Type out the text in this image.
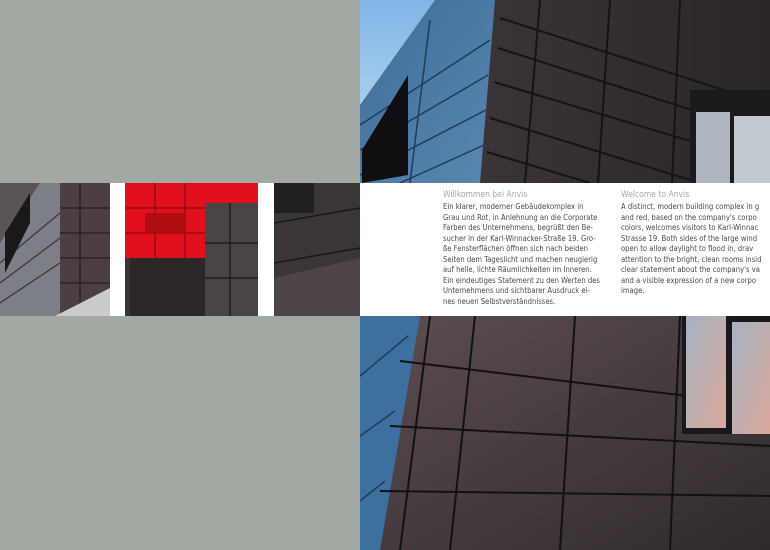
Willkommen bei Anvis

Ein klarer, moderner Gebäudekomplex in
Grau und Rot, in Anlehnung an die Corporate
Farben des Unternehmens, begrüßt den Be-
sucher in der Karl-Winnacker-Straße 19. Gro-
ße Fensterflächen öffnen sich nach beiden
Seiten dem Tageslicht und machen neugierig
auf helle, lichte Räumlichkeiten im Inneren.
Ein eindeutiges Statement zu den Werten des
Unternehmens und sichtbarer Ausdruck ei-
nes neuen Selbstverständnisses.

Welcome to Anvis

A distinct, modern building complex in g
and red, based on the company's corpo
colors, welcomes visitors to Karl-Winnac
Strasse 19. Both sides of the large wind
open to allow daylight to flood in, drav
attention to the bright, clean rooms insid
clear statement about the company's va
and a visible expression of a new corpo
image.
